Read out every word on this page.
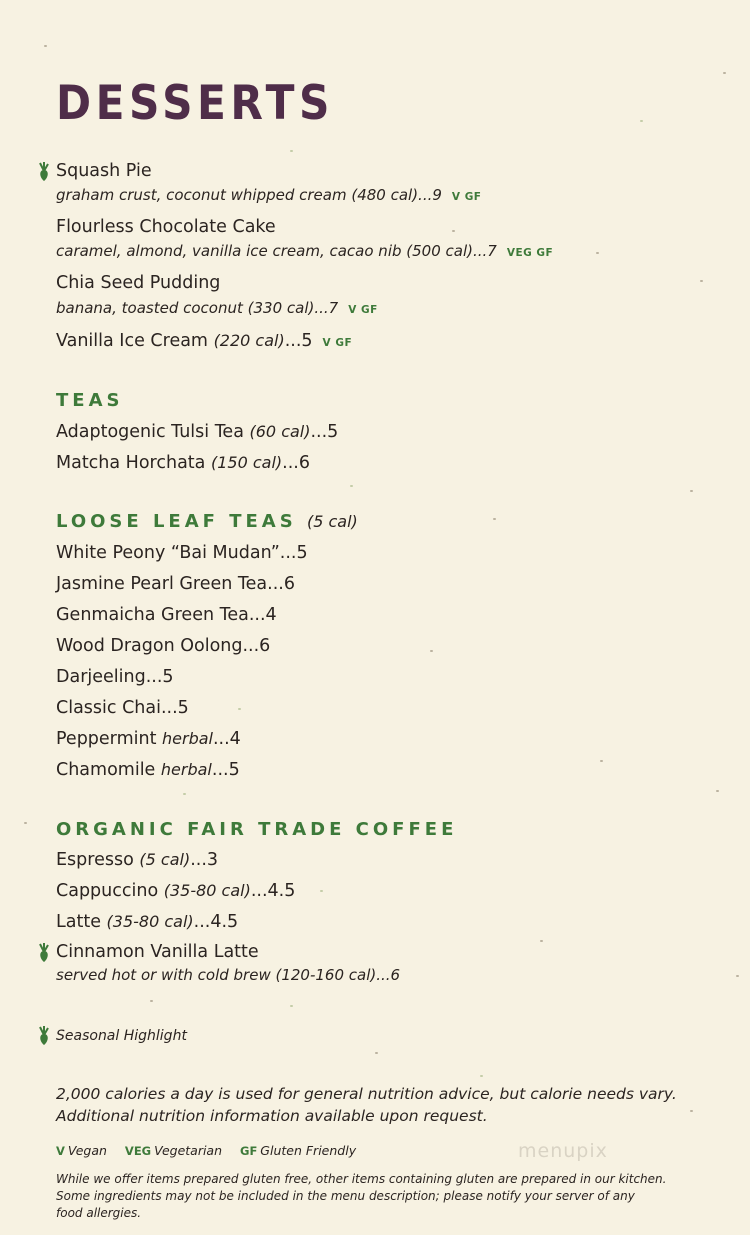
DESSERTS
Squash Pie
graham crust, coconut whipped cream (480 cal)...9 V GF
Flourless Chocolate Cake
caramel, almond, vanilla ice cream, cacao nib (500 cal)...7 VEG GF
Chia Seed Pudding
banana, toasted coconut (330 cal)...7 V GF
Vanilla Ice Cream (220 cal)...5 V GF
TEAS
Adaptogenic Tulsi Tea (60 cal)...5
Matcha Horchata (150 cal)...6
LOOSE LEAF TEAS (5 cal)
White Peony “Bai Mudan”...5
Jasmine Pearl Green Tea...6
Genmaicha Green Tea...4
Wood Dragon Oolong...6
Darjeeling...5
Classic Chai...5
Peppermint herbal...4
Chamomile herbal...5
ORGANIC FAIR TRADE COFFEE
Espresso (5 cal)...3
Cappuccino (35-80 cal)...4.5
Latte (35-80 cal)...4.5
Cinnamon Vanilla Latte
served hot or with cold brew (120-160 cal)...6
Seasonal Highlight
2,000 calories a day is used for general nutrition advice, but calorie needs vary.
Additional nutrition information available upon request.
menupix
V Vegan VEG Vegetarian GF Gluten Friendly
While we offer items prepared gluten free, other items containing gluten are prepared in our kitchen.
Some ingredients may not be included in the menu description; please notify your server of any
food allergies.
